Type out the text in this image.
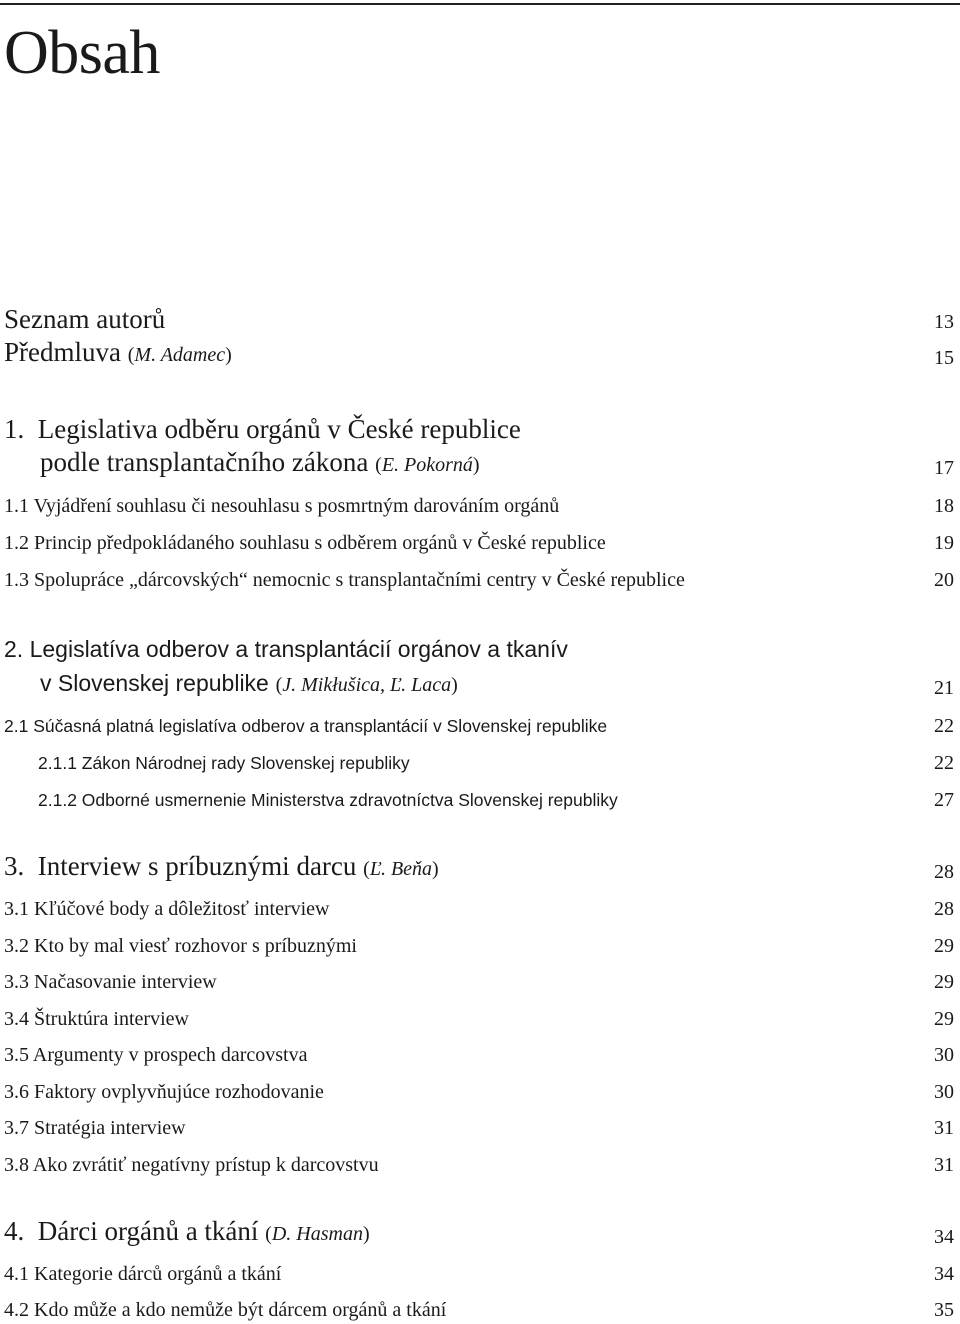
Obsah
Seznam autorů	13
Předmluva (M. Adamec)	15
1. Legislativa odběru orgánů v České republice
podle transplantačního zákona (E. Pokorná)	17
1.1 Vyjádření souhlasu či nesouhlasu s posmrtným darováním orgánů	18
1.2 Princip předpokládaného souhlasu s odběrem orgánů v České republice	19
1.3 Spolupráce „dárcovských“ nemocnic s transplantačními centry v České republice	20
2. Legislatíva odberov a transplantácií orgánov a tkanív
v Slovenskej republike (J. Mikłušica, Ľ. Laca)	21
2.1 Súčasná platná legislatíva odberov a transplantácií v Slovenskej republike	22
2.1.1 Zákon Národnej rady Slovenskej republiky	22
2.1.2 Odborné usmernenie Ministerstva zdravotníctva Slovenskej republiky	27
3. Interview s príbuznými darcu (Ľ. Beňa)	28
3.1 Kľúčové body a dôležitosť interview	28
3.2 Kto by mal viesť rozhovor s príbuznými	29
3.3 Načasovanie interview	29
3.4 Štruktúra interview	29
3.5 Argumenty v prospech darcovstva	30
3.6 Faktory ovplyvňujúce rozhodovanie	30
3.7 Stratégia interview	31
3.8 Ako zvrátiť negatívny prístup k darcovstvu	31
4. Dárci orgánů a tkání (D. Hasman)	34
4.1 Kategorie dárců orgánů a tkání	34
4.2 Kdo může a kdo nemůže být dárcem orgánů a tkání	35
